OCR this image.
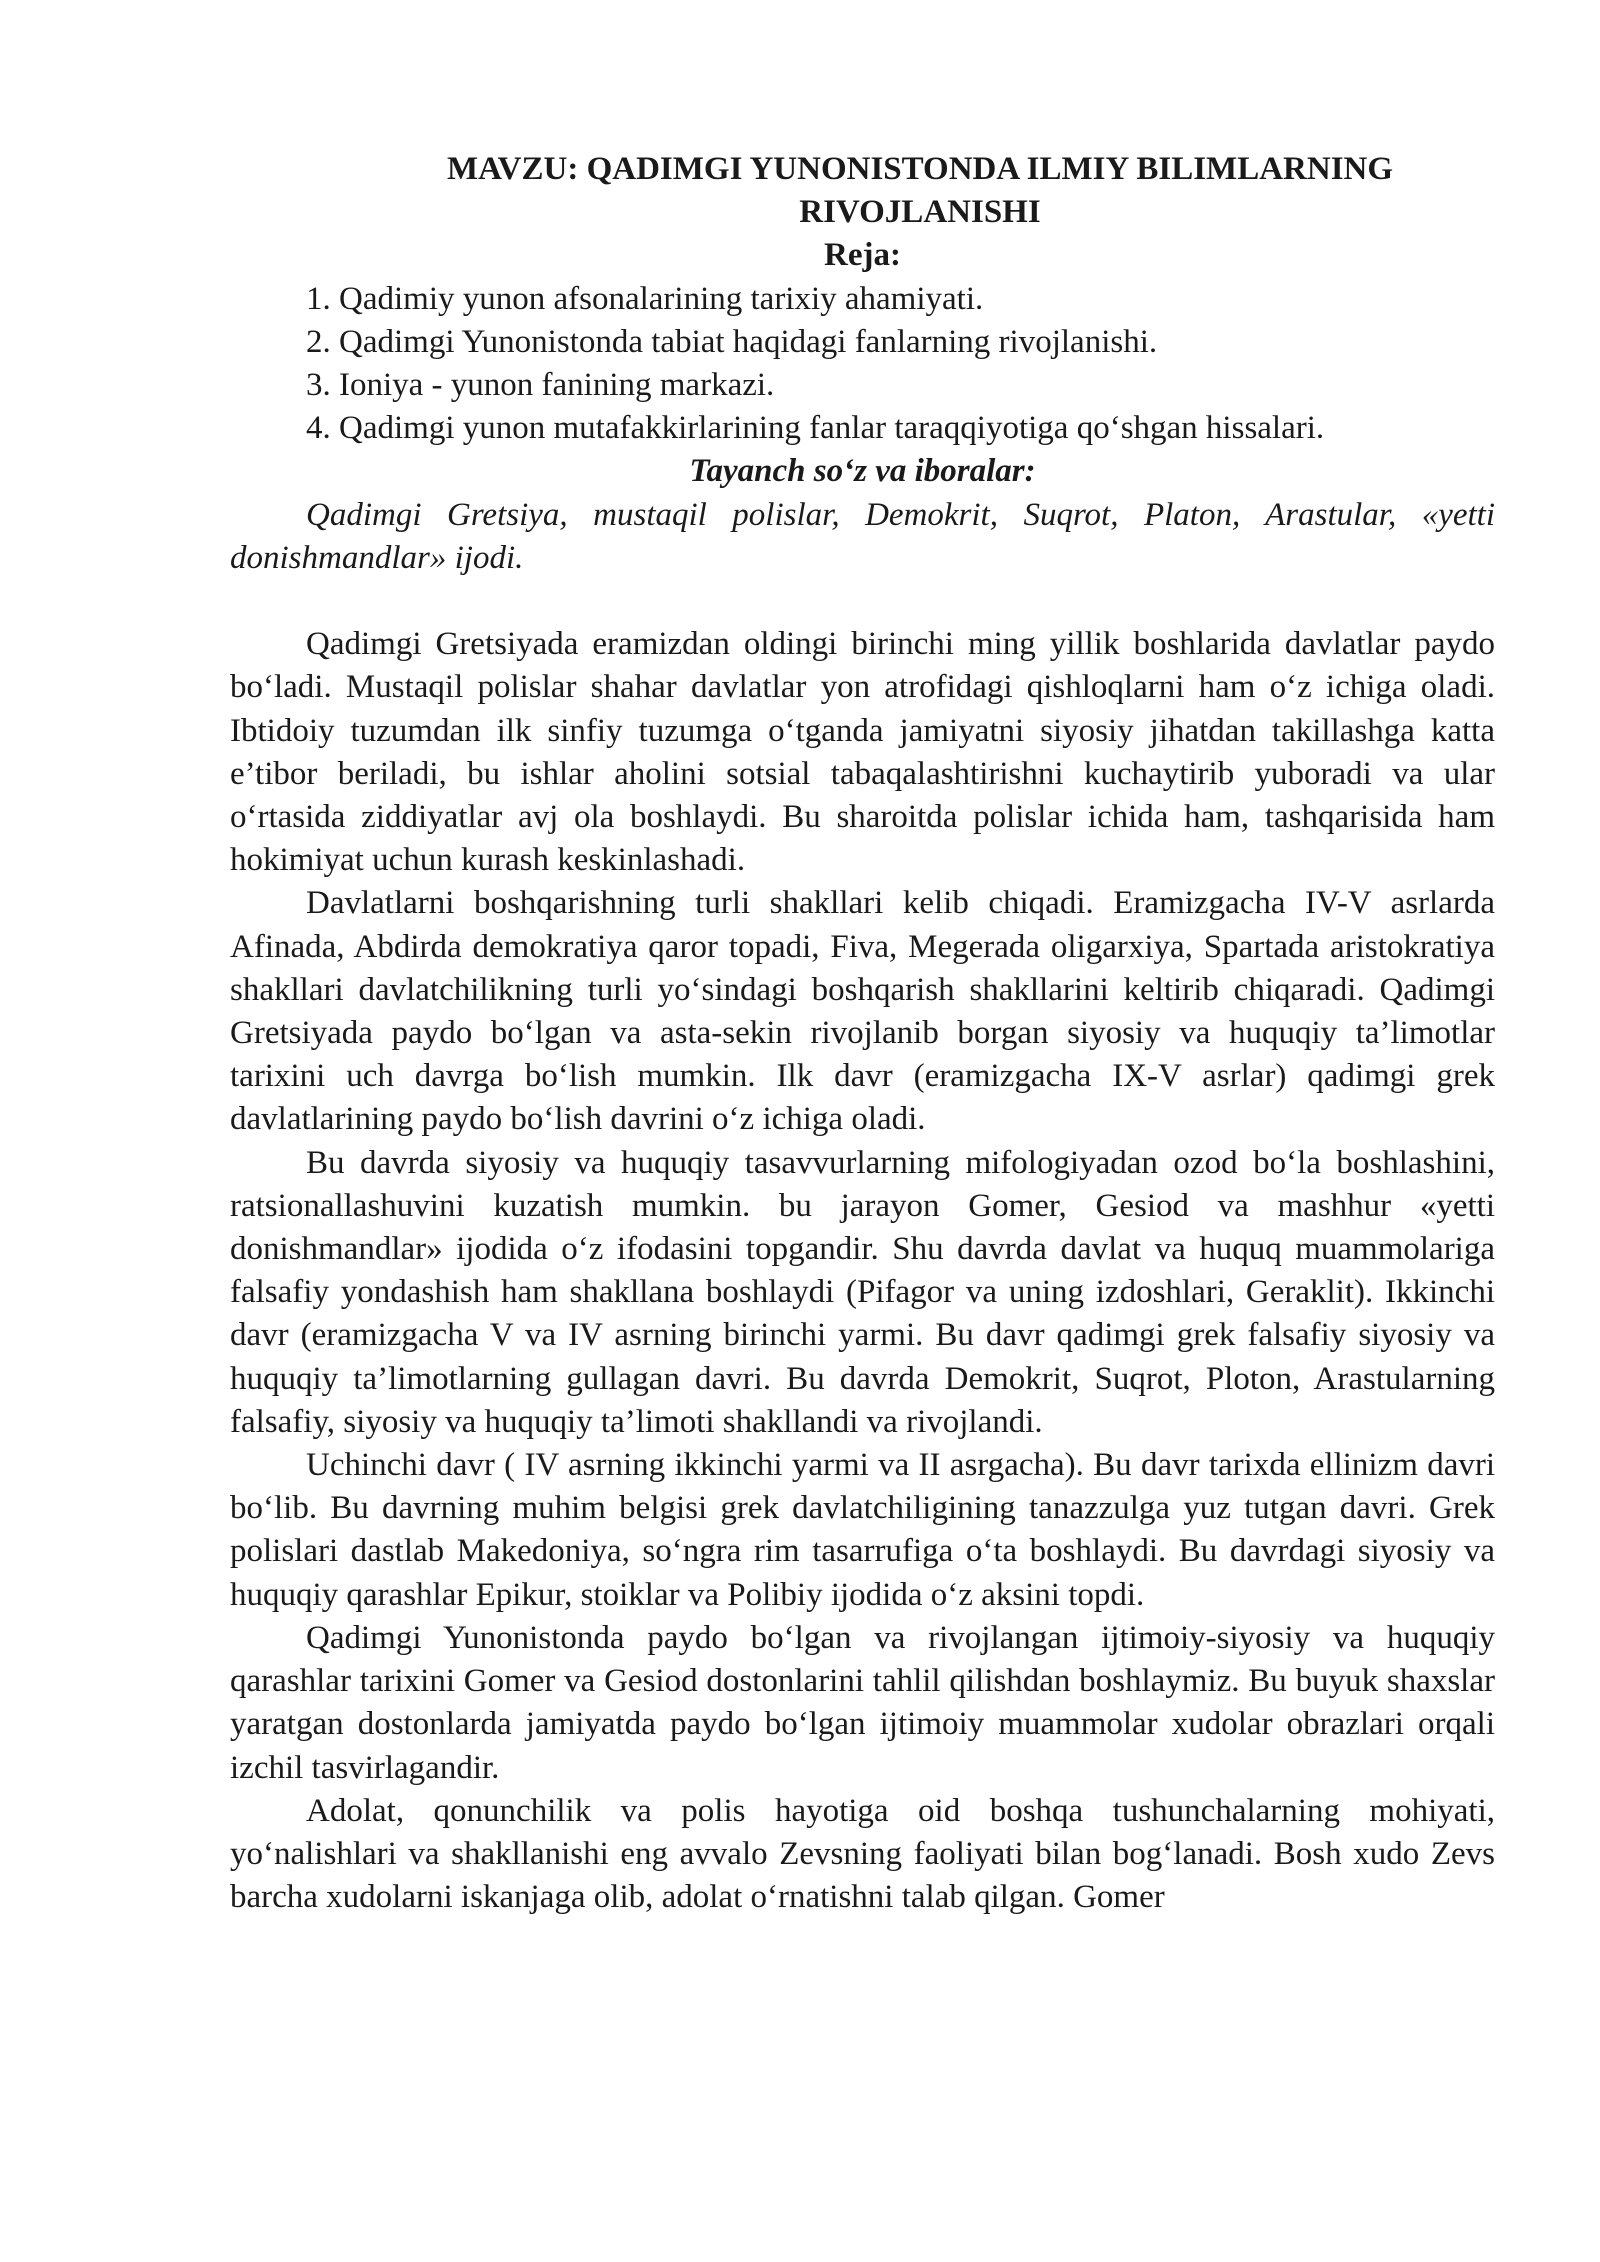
MAVZU: QADIMGI YUNONISTONDA ILMIY BILIMLARNING RIVOJLANISHI

Reja:

1. Qadimiy yunon afsonalarining tarixiy ahamiyati.
2. Qadimgi Yunonistonda tabiat haqidagi fanlarning rivojlanishi.
3. Ioniya - yunon fanining markazi.
4. Qadimgi yunon mutafakkirlarining fanlar taraqqiyotiga qo‘shgan hissalari.

Tayanch so‘z va iboralar:

Qadimgi Gretsiya, mustaqil polislar, Demokrit, Suqrot, Platon, Arastular, «yetti donishmandlar» ijodi.

Qadimgi Gretsiyada eramizdan oldingi birinchi ming yillik boshlarida davlatlar paydo bo‘ladi. Mustaqil polislar shahar davlatlar yon atrofidagi qishloqlarni ham o‘z ichiga oladi. Ibtidoiy tuzumdan ilk sinfiy tuzumga o‘tganda jamiyatni siyosiy jihatdan takillashga katta e’tibor beriladi, bu ishlar aholini sotsial tabaqalashtirishni kuchaytirib yuboradi va ular o‘rtasida ziddiyatlar avj ola boshlaydi. Bu sharoitda polislar ichida ham, tashqarisida ham hokimiyat uchun kurash keskinlashadi.

Davlatlarni boshqarishning turli shakllari kelib chiqadi. Eramizgacha IV-V asrlarda Afinada, Abdirda demokratiya qaror topadi, Fiva, Megerada oligarxiya, Spartada aristokratiya shakllari davlatchilikning turli yo‘sindagi boshqarish shakllarini keltirib chiqaradi. Qadimgi Gretsiyada paydo bo‘lgan va asta-sekin rivojlanib borgan siyosiy va huquqiy ta’limotlar tarixini uch davrga bo‘lish mumkin. Ilk davr (eramizgacha IX-V asrlar) qadimgi grek davlatlarining paydo bo‘lish davrini o‘z ichiga oladi.

Bu davrda siyosiy va huquqiy tasavvurlarning mifologiyadan ozod bo‘la boshlashini, ratsionallashuvini kuzatish mumkin. bu jarayon Gomer, Gesiod va mashhur «yetti donishmandlar» ijodida o‘z ifodasini topgandir. Shu davrda davlat va huquq muammolariga falsafiy yondashish ham shakllana boshlaydi (Pifagor va uning izdoshlari, Geraklit). Ikkinchi davr (eramizgacha V va IV asrning birinchi yarmi. Bu davr qadimgi grek falsafiy siyosiy va huquqiy ta’limotlarning gullagan davri. Bu davrda Demokrit, Suqrot, Ploton, Arastularning falsafiy, siyosiy va huquqiy ta’limoti shakllandi va rivojlandi.

Uchinchi davr ( IV asrning ikkinchi yarmi va II asrgacha). Bu davr tarixda ellinizm davri bo‘lib. Bu davrning muhim belgisi grek davlatchiligining tanazzulga yuz tutgan davri. Grek polislari dastlab Makedoniya, so‘ngra rim tasarrufiga o‘ta boshlaydi. Bu davrdagi siyosiy va huquqiy qarashlar Epikur, stoiklar va Polibiy ijodida o‘z aksini topdi.

Qadimgi Yunonistonda paydo bo‘lgan va rivojlangan ijtimoiy-siyosiy va huquqiy qarashlar tarixini Gomer va Gesiod dostonlarini tahlil qilishdan boshlaymiz. Bu buyuk shaxslar yaratgan dostonlarda jamiyatda paydo bo‘lgan ijtimoiy muammolar xudolar obrazlari orqali izchil tasvirlagandir.

Adolat, qonunchilik va polis hayotiga oid boshqa tushunchalarning mohiyati, yo‘nalishlari va shakllanishi eng avvalo Zevsning faoliyati bilan bog‘lanadi. Bosh xudo Zevs barcha xudolarni iskanjaga olib, adolat o‘rnatishni talab qilgan. Gomer
